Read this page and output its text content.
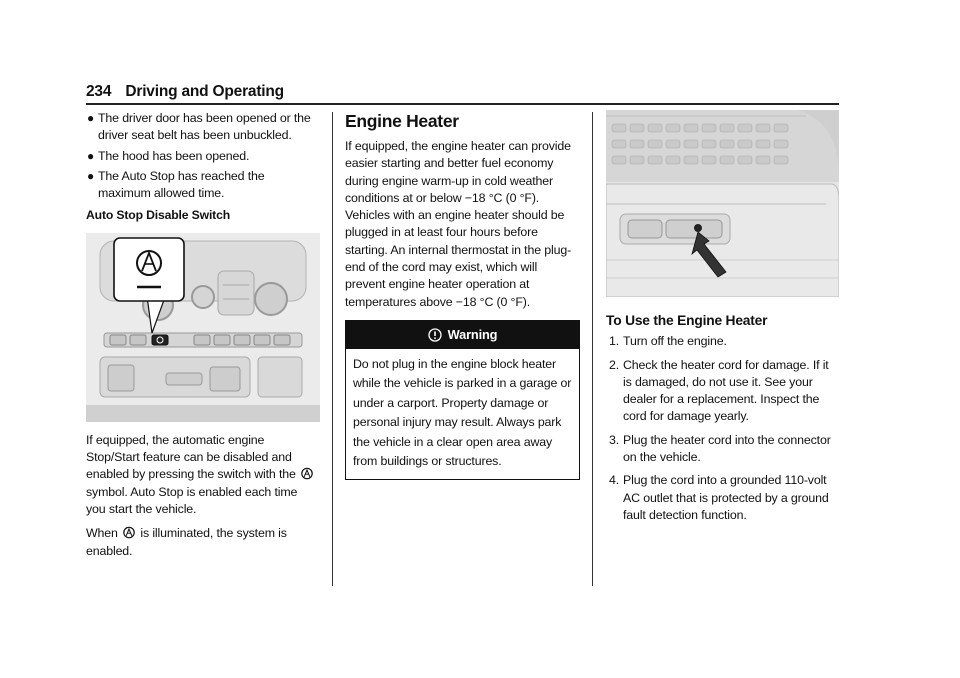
234 Driving and Operating
● The driver door has been opened or the driver seat belt has been unbuckled.
● The hood has been opened.
● The Auto Stop has reached the maximum allowed time.
Auto Stop Disable Switch
If equipped, the automatic engine Stop/Start feature can be disabled and enabled by pressing the switch with the  symbol. Auto Stop is enabled each time you start the vehicle.
When is illuminated, the system is enabled.
Engine Heater
If equipped, the engine heater can provide easier starting and better fuel economy during engine warm-up in cold weather conditions at or below −18 °C (0 °F). Vehicles with an engine heater should be plugged in at least four hours before starting. An internal thermostat in the plug-end of the cord may exist, which will prevent engine heater operation at temperatures above −18 °C (0 °F).
Warning
Do not plug in the engine block heater while the vehicle is parked in a garage or under a carport. Property damage or personal injury may result. Always park the vehicle in a clear open area away from buildings or structures.
To Use the Engine Heater
1. Turn off the engine.
2. Check the heater cord for damage. If it is damaged, do not use it. See your dealer for a replacement. Inspect the cord for damage yearly.
3. Plug the heater cord into the connector on the vehicle.
4. Plug the cord into a grounded 110-volt AC outlet that is protected by a ground fault detection function.
